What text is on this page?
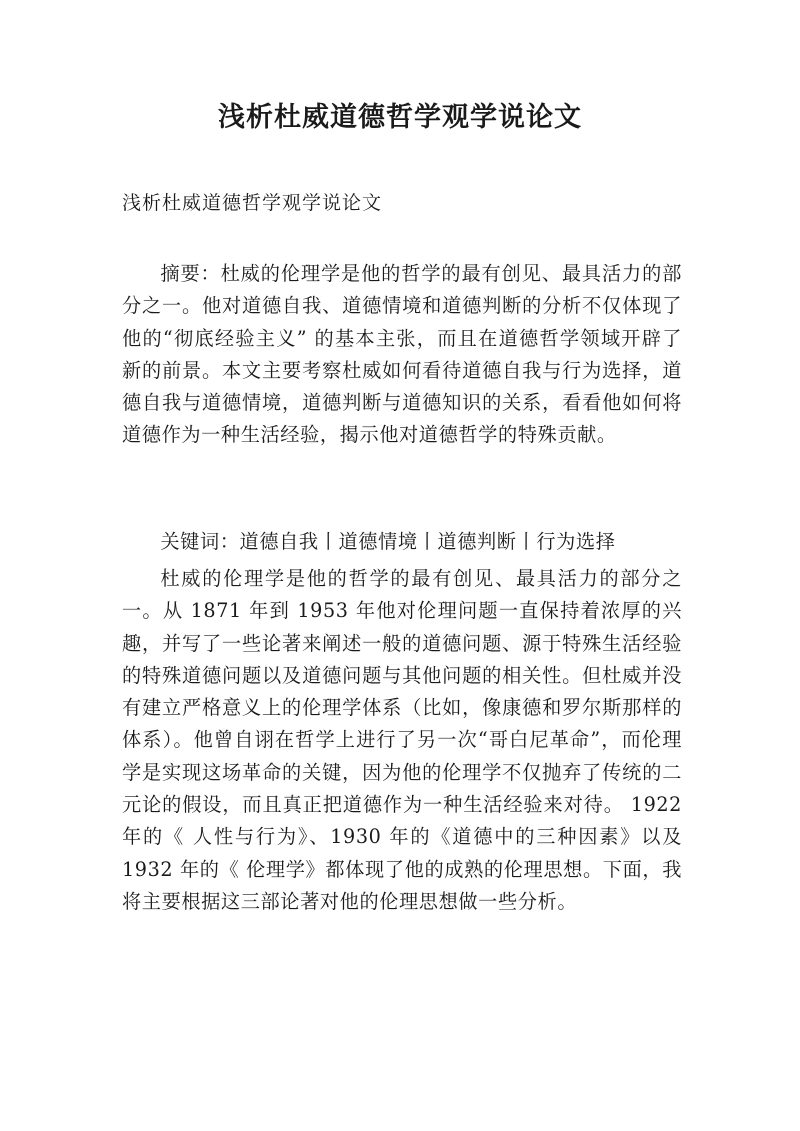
浅析杜威道德哲学观学说论文

浅析杜威道德哲学观学说论文

摘要：杜威的伦理学是他的哲学的最有创见、最具活力的部分之一。他对道德自我、道德情境和道德判断的分析不仅体现了他的“彻底经验主义” 的基本主张，而且在道德哲学领域开辟了新的前景。本文主要考察杜威如何看待道德自我与行为选择，道德自我与道德情境，道德判断与道德知识的关系，看看他如何将道德作为一种生活经验，揭示他对道德哲学的特殊贡献。

关键词：道德自我丨道德情境丨道德判断丨行为选择

杜威的伦理学是他的哲学的最有创见、最具活力的部分之一。从 1871 年到 1953 年他对伦理问题一直保持着浓厚的兴趣，并写了一些论著来阐述一般的道德问题、源于特殊生活经验的特殊道德问题以及道德问题与其他问题的相关性。但杜威并没有建立严格意义上的伦理学体系（比如，像康德和罗尔斯那样的体系）。他曾自诩在哲学上进行了另一次“哥白尼革命”，而伦理学是实现这场革命的关键，因为他的伦理学不仅抛弃了传统的二元论的假设，而且真正把道德作为一种生活经验来对待。 1922 年的《 人性与行为》、1930 年的《道德中的三种因素》以及 1932 年的《 伦理学》都体现了他的成熟的伦理思想。下面，我将主要根据这三部论著对他的伦理思想做一些分析。
